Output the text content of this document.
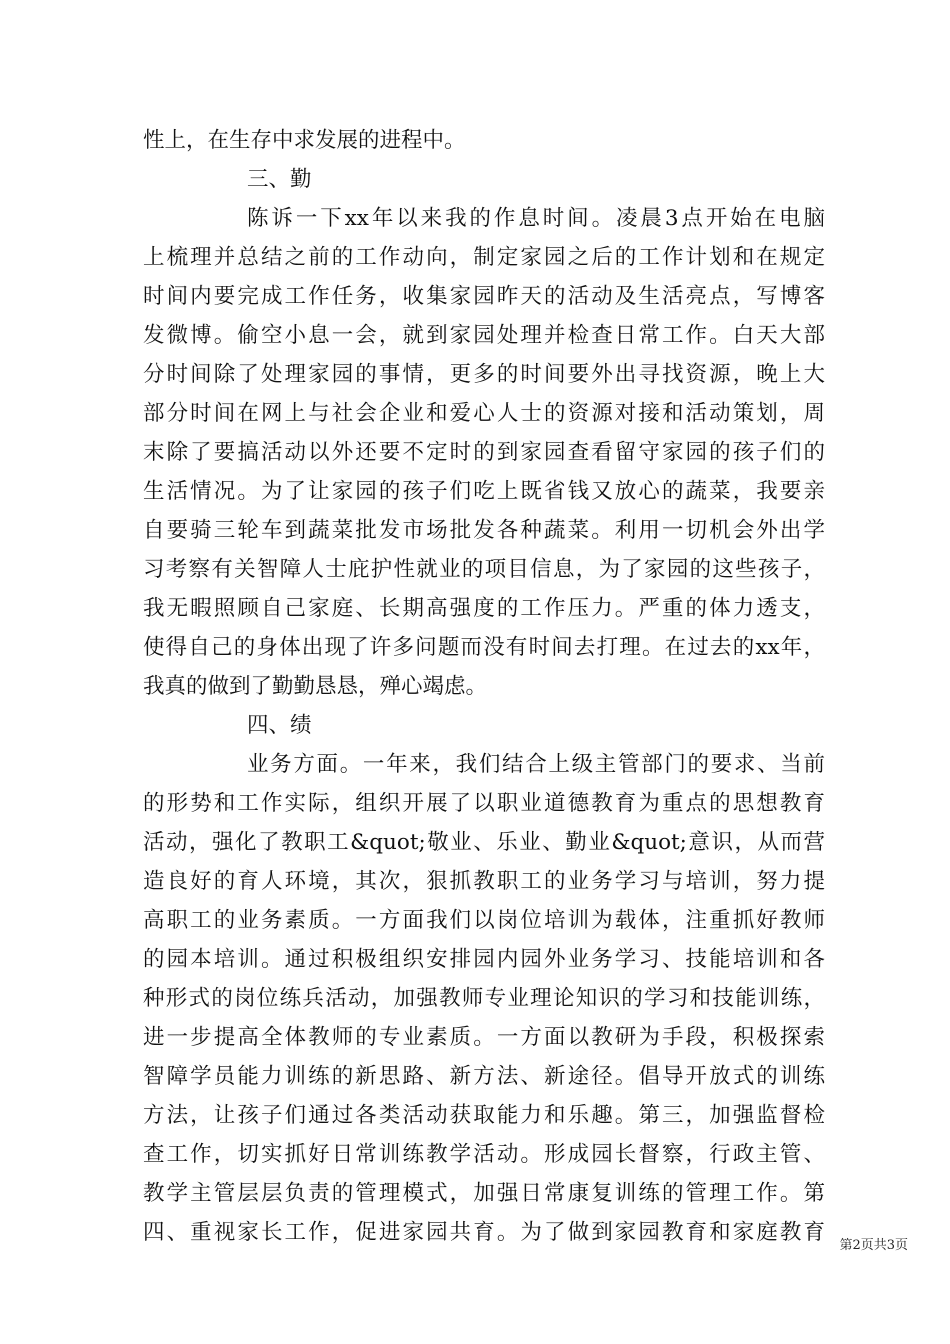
性上，在生存中求发展的进程中。
三、勤
陈诉一下xx年以来我的作息时间。凌晨3点开始在电脑
上梳理并总结之前的工作动向，制定家园之后的工作计划和在规定
时间内要完成工作任务，收集家园昨天的活动及生活亮点，写博客
发微博。偷空小息一会，就到家园处理并检查日常工作。白天大部
分时间除了处理家园的事情，更多的时间要外出寻找资源，晚上大
部分时间在网上与社会企业和爱心人士的资源对接和活动策划，周
末除了要搞活动以外还要不定时的到家园查看留守家园的孩子们的
生活情况。为了让家园的孩子们吃上既省钱又放心的蔬菜，我要亲
自要骑三轮车到蔬菜批发市场批发各种蔬菜。利用一切机会外出学
习考察有关智障人士庇护性就业的项目信息，为了家园的这些孩子，
我无暇照顾自己家庭、长期高强度的工作压力。严重的体力透支，
使得自己的身体出现了许多问题而没有时间去打理。在过去的xx年，
我真的做到了勤勤恳恳，殚心竭虑。
四、绩
业务方面。一年来，我们结合上级主管部门的要求、当前
的形势和工作实际，组织开展了以职业道德教育为重点的思想教育
活动，强化了教职工&quot;敬业、乐业、勤业&quot;意识，从而营
造良好的育人环境，其次，狠抓教职工的业务学习与培训，努力提
高职工的业务素质。一方面我们以岗位培训为载体，注重抓好教师
的园本培训。通过积极组织安排园内园外业务学习、技能培训和各
种形式的岗位练兵活动，加强教师专业理论知识的学习和技能训练，
进一步提高全体教师的专业素质。一方面以教研为手段，积极探索
智障学员能力训练的新思路、新方法、新途径。倡导开放式的训练
方法，让孩子们通过各类活动获取能力和乐趣。第三，加强监督检
查工作，切实抓好日常训练教学活动。形成园长督察，行政主管、
教学主管层层负责的管理模式，加强日常康复训练的管理工作。第
四、重视家长工作，促进家园共育。为了做到家园教育和家庭教育
第2页共3页
